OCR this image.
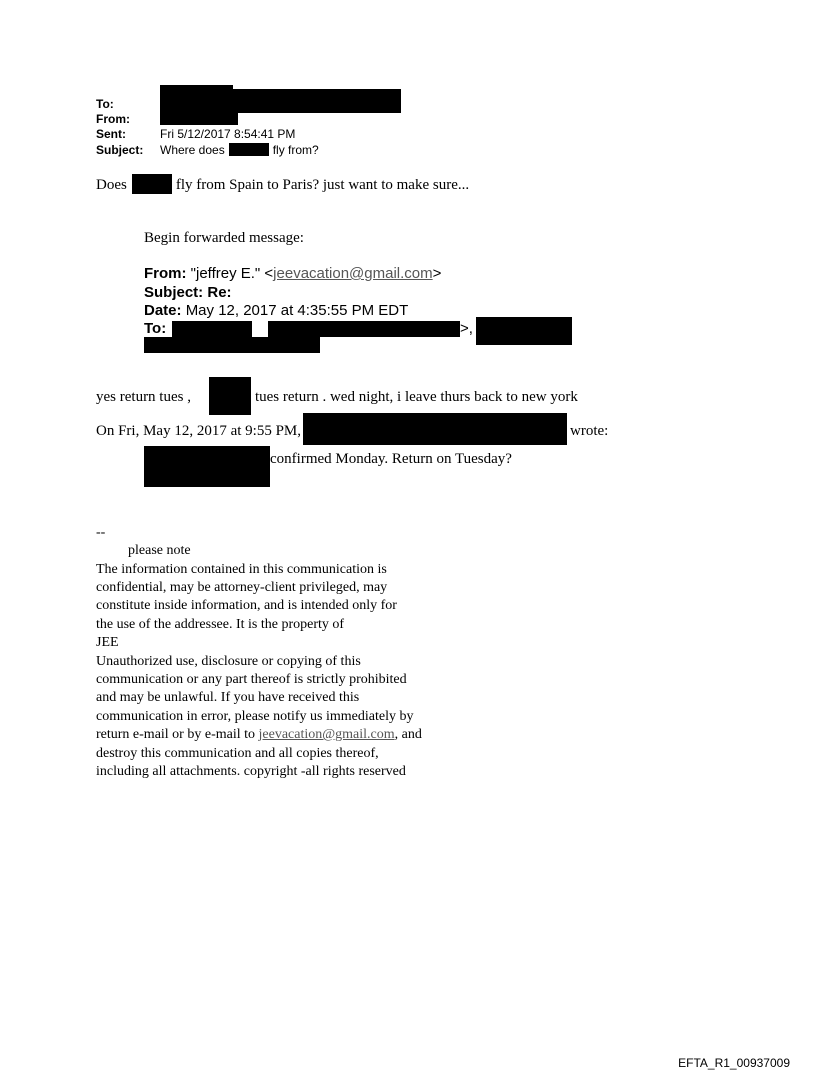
To:
From:
Sent:	Fri 5/12/2017 8:54:41 PM
Subject: Where does	fly from?
Does	fly from Spain to Paris? just want to make sure...
Begin forwarded message:
From: "jeffrey E." <jeevacation@gmail.com>
Subject: Re:
Date: May 12, 2017 at 4:35:55 PM EDT
To:	>,
yes return tues ,	tues return . wed night, i leave thurs back to new york
On Fri, May 12, 2017 at 9:55 PM,	wrote:
confirmed Monday. Return on Tuesday?
--
please note
The information contained in this communication is
confidential, may be attorney-client privileged, may
constitute inside information, and is intended only for
the use of the addressee. It is the property of
JEE
Unauthorized use, disclosure or copying of this
communication or any part thereof is strictly prohibited
and may be unlawful. If you have received this
communication in error, please notify us immediately by
return e-mail or by e-mail to jeevacation@gmail.com, and
destroy this communication and all copies thereof,
including all attachments. copyright -all rights reserved
EFTA_R1_00937009
